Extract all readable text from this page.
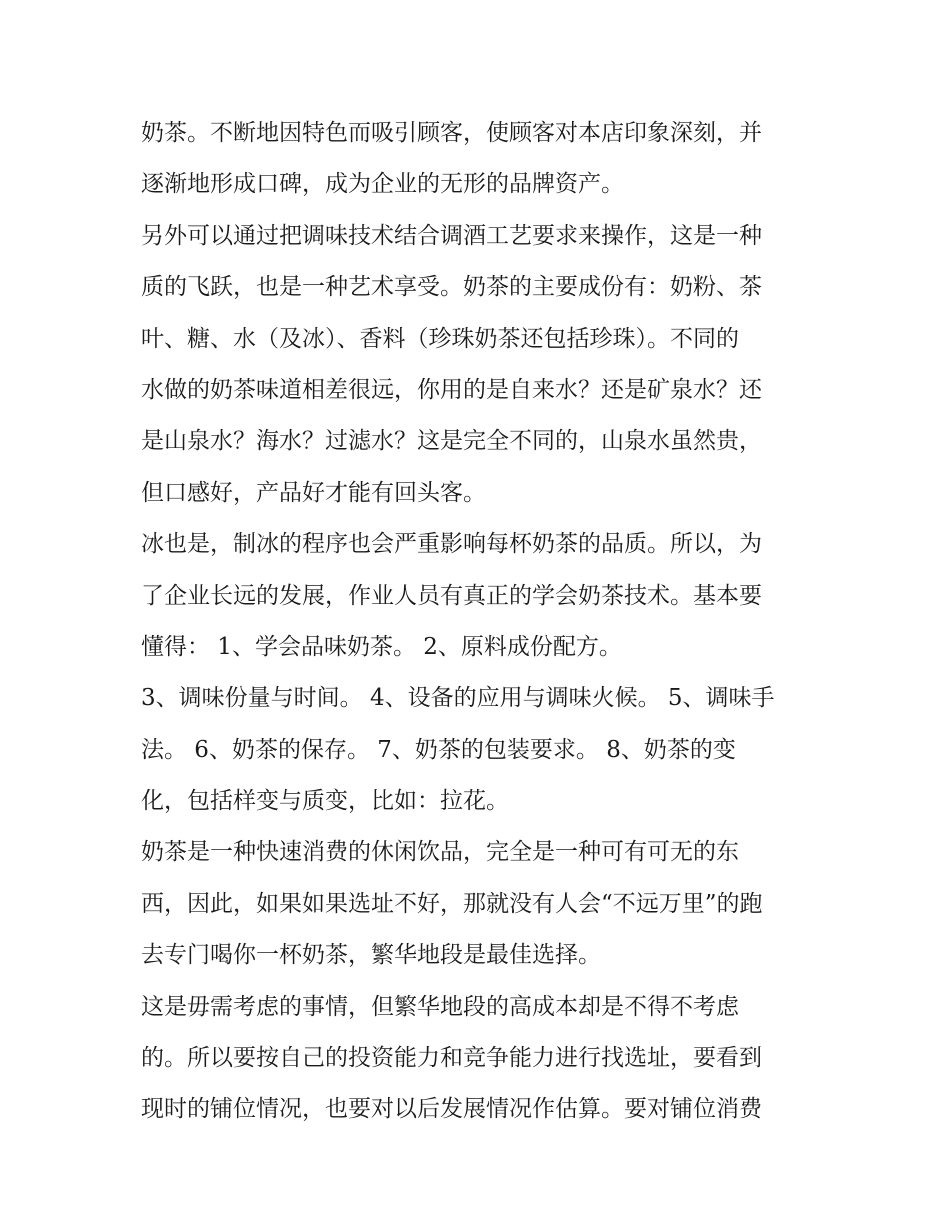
奶茶。不断地因特色而吸引顾客，使顾客对本店印象深刻，并
逐渐地形成口碑，成为企业的无形的品牌资产。
另外可以通过把调味技术结合调酒工艺要求来操作，这是一种
质的飞跃，也是一种艺术享受。奶茶的主要成份有：奶粉、茶
叶、糖、水（及冰）、香料（珍珠奶茶还包括珍珠）。不同的
水做的奶茶味道相差很远，你用的是自来水？还是矿泉水？还
是山泉水？海水？过滤水？这是完全不同的，山泉水虽然贵，
但口感好，产品好才能有回头客。
冰也是，制冰的程序也会严重影响每杯奶茶的品质。所以，为
了企业长远的发展，作业人员有真正的学会奶茶技术。基本要
懂得： 1、学会品味奶茶。 2、原料成份配方。
3、调味份量与时间。 4、设备的应用与调味火候。 5、调味手
法。 6、奶茶的保存。 7、奶茶的包装要求。 8、奶茶的变
化，包括样变与质变，比如：拉花。
奶茶是一种快速消费的休闲饮品，完全是一种可有可无的东
西，因此，如果如果选址不好，那就没有人会“不远万里”的跑
去专门喝你一杯奶茶，繁华地段是最佳选择。
这是毋需考虑的事情，但繁华地段的高成本却是不得不考虑
的。所以要按自己的投资能力和竞争能力进行找选址，要看到
现时的铺位情况，也要对以后发展情况作估算。要对铺位消费
